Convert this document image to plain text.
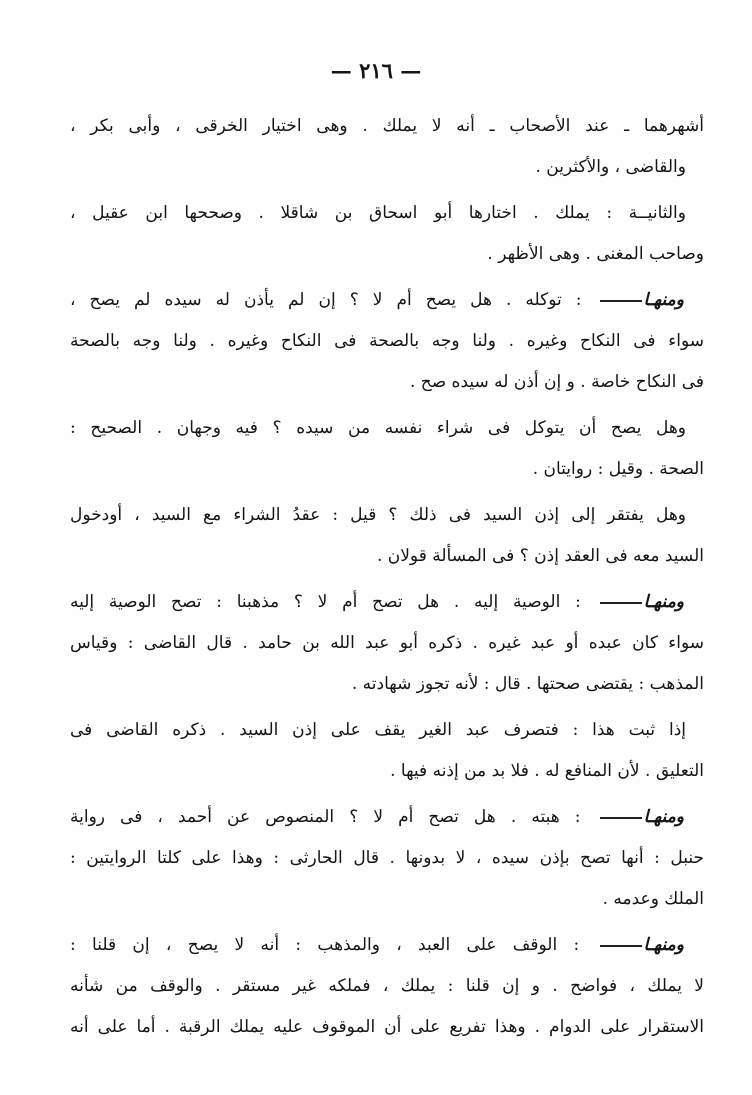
— ٢١٦ —
أشهرهما ـ عند الأصحاب ـ أنه لا يملك . وهى اختيار الخرقى ، وأبى بكر ،
والقاضى ، والأكثرين .
والثانيــة : يملك . اختارها أبو اسحاق بن شاقلا . وصححها ابن عقيل ،
وصاحب المغنى . وهى الأظهر .
ومنهـا : توكله . هل يصح أم لا ؟ إن لم يأذن له سيده لم يصح ،
سواء فى النكاح وغيره . ولنا وجه بالصحة فى النكاح وغيره . ولنا وجه بالصحة
فى النكاح خاصة . و إن أذن له سيده صح .
وهل يصح أن يتوكل فى شراء نفسه من سيده ؟ فيه وجهان . الصحيح :
الصحة . وقيل : روايتان .
وهل يفتقر إلى إذن السيد فى ذلك ؟ قيل : عقدُ الشراء مع السيد ، أودخول
السيد معه فى العقد إذن ؟ فى المسألة قولان .
ومنهـا : الوصية إليه . هل تصح أم لا ؟ مذهبنا : تصح الوصية إليه
سواء كان عبده أو عبد غيره . ذكره أبو عبد الله بن حامد . قال القاضى : وقياس
المذهب : يقتضى صحتها . قال : لأنه تجوز شهادته .
إذا ثبت هذا : فتصرف عبد الغير يقف على إذن السيد . ذكره القاضى فى
التعليق . لأن المنافع له . فلا بد من إذنه فيها .
ومنهـا : هبته . هل تصح أم لا ؟ المنصوص عن أحمد ، فى رواية
حنبل : أنها تصح بإذن سيده ، لا بدونها . قال الحارثى : وهذا على كلتا الروايتين :
الملك وعدمه .
ومنهـا : الوقف على العبد ، والمذهب : أنه لا يصح ، إن قلنا :
لا يملك ، فواضح . و إن قلنا : يملك ، فملكه غير مستقر . والوقف من شأنه
الاستقرار على الدوام . وهذا تفريع على أن الموقوف عليه يملك الرقبة . أما على أنه
